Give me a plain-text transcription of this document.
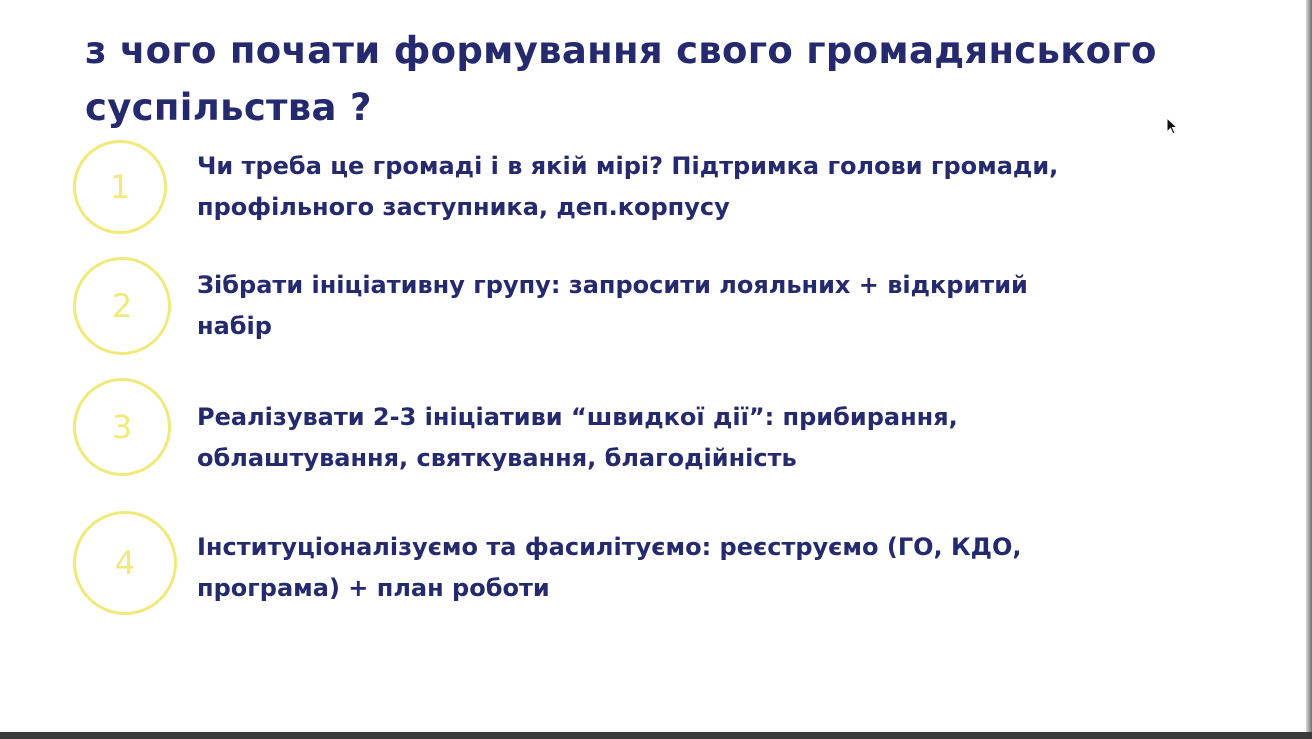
з чого почати формування свого громадянського суспільства ?
1

Чи треба це громаді і в якій мірі? Підтримка голови громади, профільного заступника, деп.корпусу

2

Зібрати ініціативну групу: запросити лояльних + відкритий набір

3	Реалізувати 2-3 ініціативи “швидкої дії”: прибирання, облаштування, святкування, благодійність

4	Інституціоналізуємо та фасилітуємо: реєструємо (ГО, КДО, програма) + план роботи
